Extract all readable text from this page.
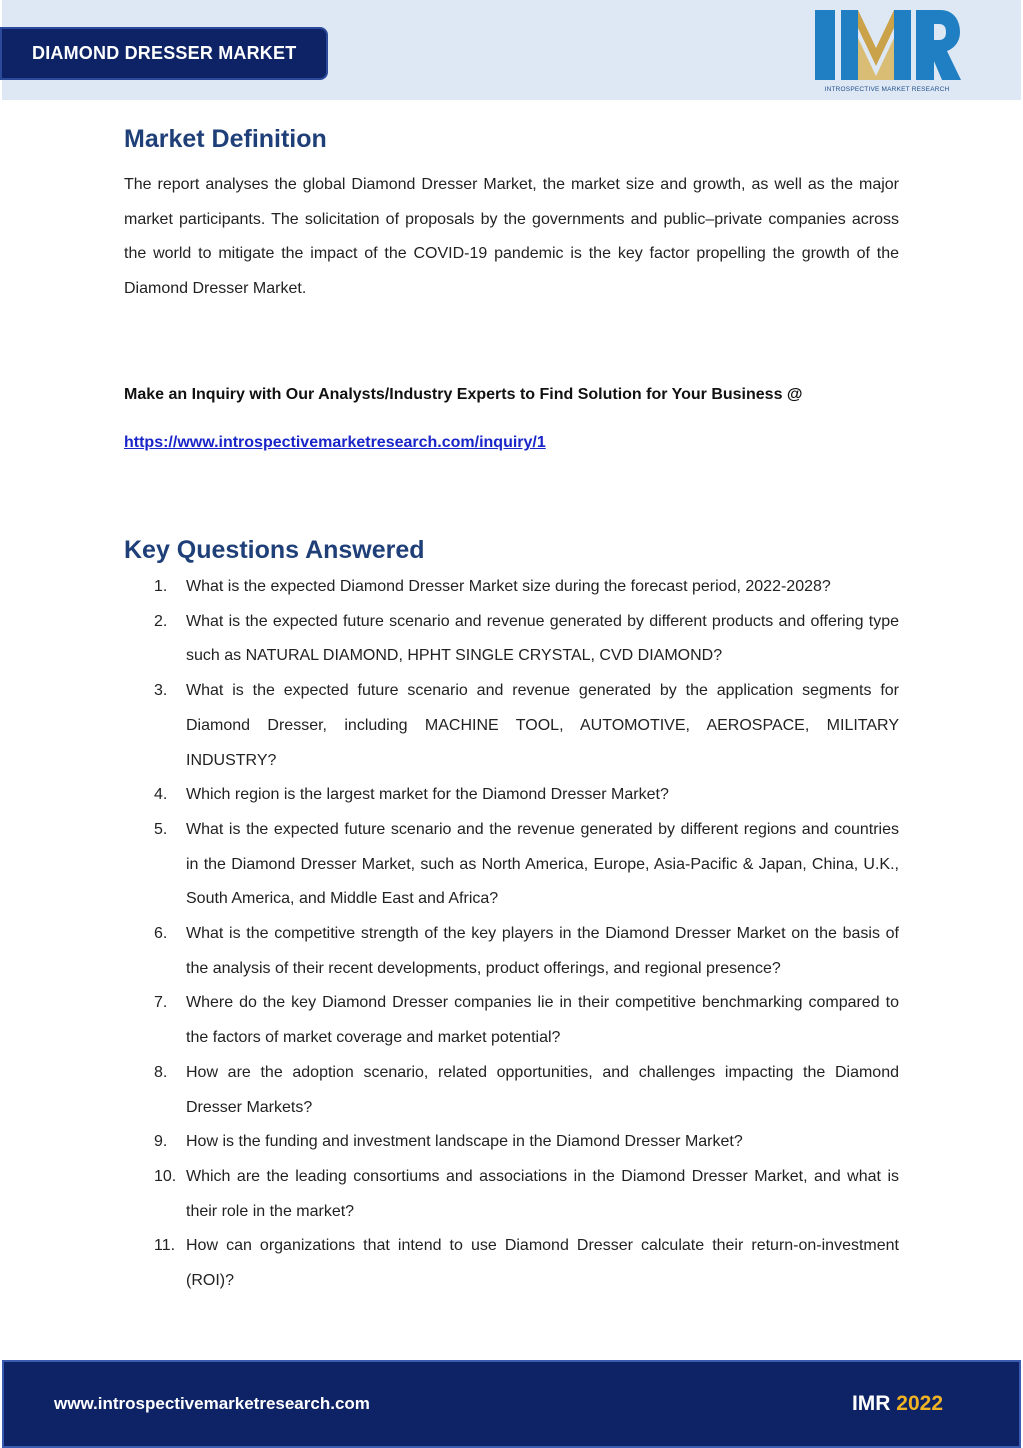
DIAMOND DRESSER MARKET
INTROSPECTIVE MARKET RESEARCH
Market Definition

The report analyses the global Diamond Dresser Market, the market size and growth, as well as the major market participants. The solicitation of proposals by the governments and public–private companies across the world to mitigate the impact of the COVID-19 pandemic is the key factor propelling the growth of the Diamond Dresser Market.

Make an Inquiry with Our Analysts/Industry Experts to Find Solution for Your Business @
https://www.introspectivemarketresearch.com/inquiry/1
Key Questions Answered
1. What is the expected Diamond Dresser Market size during the forecast period, 2022-2028?
2. What is the expected future scenario and revenue generated by different products and offering type such as NATURAL DIAMOND, HPHT SINGLE CRYSTAL, CVD DIAMOND?
3. What is the expected future scenario and revenue generated by the application segments for Diamond Dresser, including MACHINE TOOL, AUTOMOTIVE, AEROSPACE, MILITARY INDUSTRY?
4. Which region is the largest market for the Diamond Dresser Market?
5. What is the expected future scenario and the revenue generated by different regions and countries in the Diamond Dresser Market, such as North America, Europe, Asia-Pacific & Japan, China, U.K., South America, and Middle East and Africa?
6. What is the competitive strength of the key players in the Diamond Dresser Market on the basis of the analysis of their recent developments, product offerings, and regional presence?
7. Where do the key Diamond Dresser companies lie in their competitive benchmarking compared to the factors of market coverage and market potential?
8. How are the adoption scenario, related opportunities, and challenges impacting the Diamond Dresser Markets?
9. How is the funding and investment landscape in the Diamond Dresser Market?
10. Which are the leading consortiums and associations in the Diamond Dresser Market, and what is their role in the market?
11. How can organizations that intend to use Diamond Dresser calculate their return-on-investment (ROI)?
www.introspectivemarketresearch.com	IMR 2022
